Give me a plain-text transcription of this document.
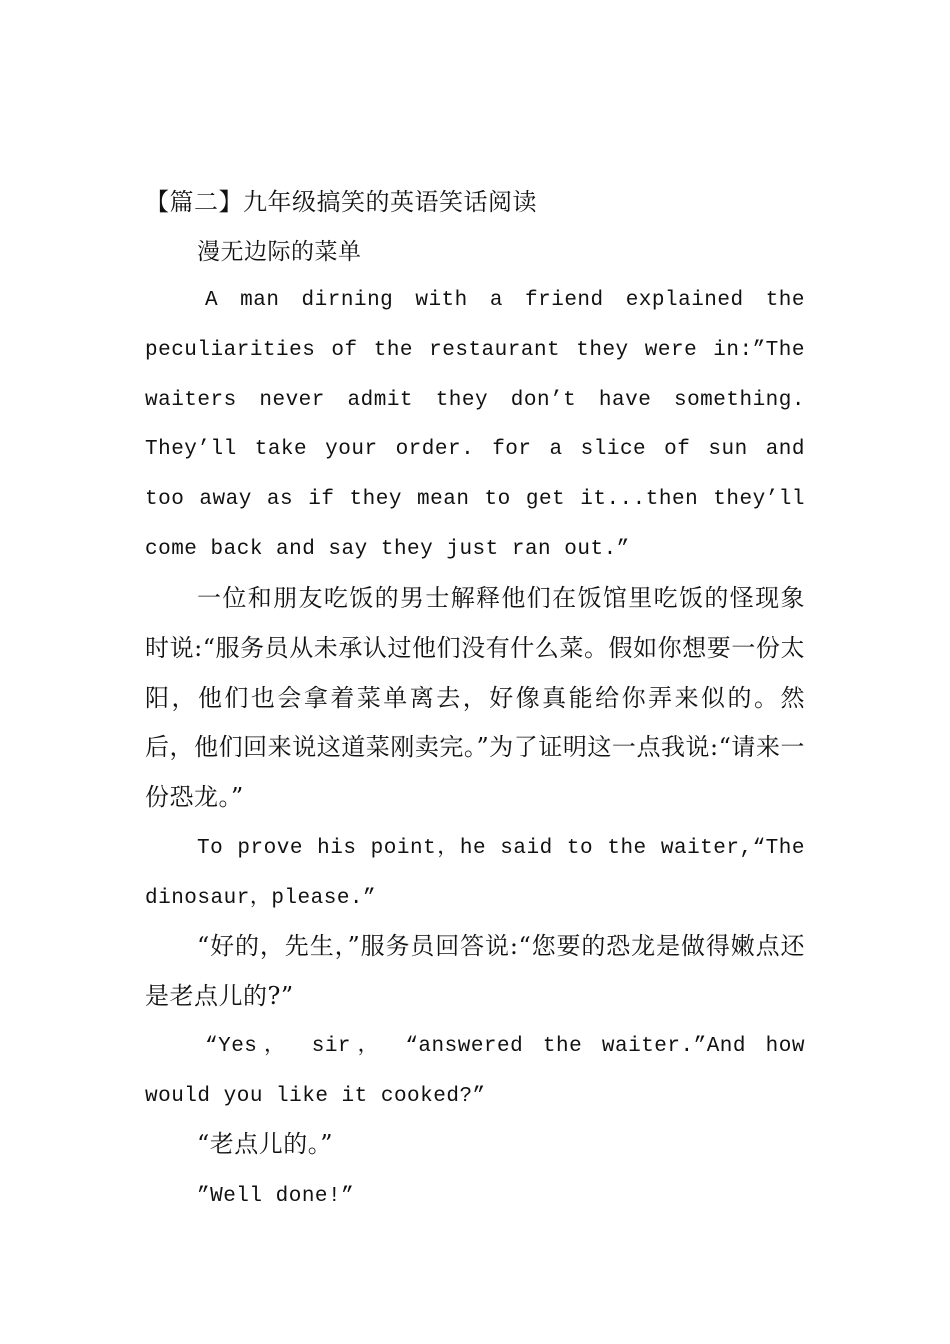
【篇二】九年级搞笑的英语笑话阅读

漫无边际的菜单

A man dirning with a friend explained the peculiarities of the restaurant they were in:”The waiters never admit they don’t have something. They’ll take your order. for a slice of sun and too away as if they mean to get it...then they’ll come back and say they just ran out.”

一位和朋友吃饭的男士解释他们在饭馆里吃饭的怪现象时说:“服务员从未承认过他们没有什么菜。假如你想要一份太阳，他们也会拿着菜单离去，好像真能给你弄来似的。然后，他们回来说这道菜刚卖完。”为了证明这一点我说:“请来一份恐龙。”

To prove his point，he said to the waiter,“The dinosaur，please.”

“好的，先生，”服务员回答说:“您要的恐龙是做得嫩点还是老点儿的?”

“Yes， sir， “answered the waiter.”And how would you like it cooked?”

“老点儿的。”

”Well done!”
